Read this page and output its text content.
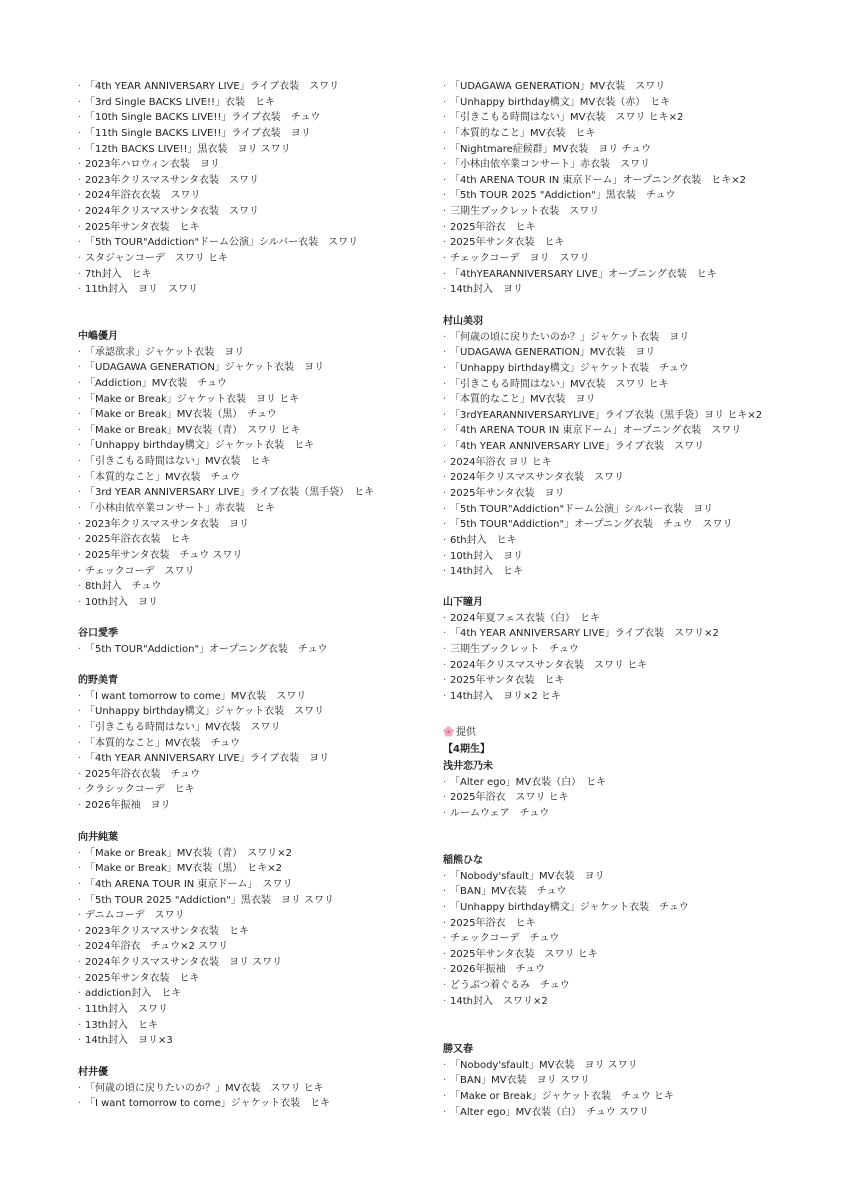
提供
【4期生】
· 「4th YEAR ANNIVERSARY LIVE」ライブ衣装　スワリ
· 「3rd Single BACKS LIVE!!」衣装　ヒキ
· 「10th Single BACKS LIVE!!」ライブ衣装　チュウ
· 「11th Single BACKS LIVE!!」ライブ衣装　ヨリ
· 「12th BACKS LIVE!!」黒衣装　ヨリ スワリ
· 2023年ハロウィン衣装　ヨリ
· 2023年クリスマスサンタ衣装　スワリ
· 2024年浴衣衣装　スワリ
· 2024年クリスマスサンタ衣装　スワリ
· 2025年サンタ衣装　ヒキ
· 「5th TOUR"Addiction"ドーム公演」シルバー衣装　スワリ
· スタジャンコーデ　スワリ ヒキ
· 7th封入　ヒキ
· 11th封入　ヨリ　スワリ
中嶋優月
· 「承認欲求」ジャケット衣装　ヨリ
· 「UDAGAWA GENERATION」ジャケット衣装　ヨリ
· 「Addiction」MV衣装　チュウ
· 「Make or Break」ジャケット衣装　ヨリ ヒキ
· 「Make or Break」MV衣装（黒）　チュウ
· 「Make or Break」MV衣装（青）　スワリ ヒキ
· 「Unhappy birthday構文」ジャケット衣装　ヒキ
· 「引きこもる時間はない」MV衣装　ヒキ
· 「本質的なこと」MV衣装　チュウ
· 「3rd YEAR ANNIVERSARY LIVE」ライブ衣装（黒手袋）　ヒキ
· 「小林由依卒業コンサート」赤衣装　ヒキ
· 2023年クリスマスサンタ衣装　ヨリ
· 2025年浴衣衣装　ヒキ
· 2025年サンタ衣装　チュウ スワリ
· チェックコーデ　スワリ
· 8th封入　チュウ
· 10th封入　ヨリ
谷口愛季
· 「5th TOUR"Addiction"」オープニング衣装　チュウ
的野美青
· 「I want tomorrow to come」MV衣装　スワリ
· 「Unhappy birthday構文」ジャケット衣装　スワリ
· 「引きこもる時間はない」MV衣装　スワリ
· 「本質的なこと」MV衣装　チュウ
· 「4th YEAR ANNIVERSARY LIVE」ライブ衣装　ヨリ
· 2025年浴衣衣装　チュウ
· クラシックコーデ　ヒキ
· 2026年振袖　ヨリ
向井純葉
· 「Make or Break」MV衣装（青）　スワリ×2
· 「Make or Break」MV衣装（黒）　ヒキ×2
· 「4th ARENA TOUR IN 東京ドーム」　スワリ
· 「5th TOUR 2025 "Addiction"」黒衣装　ヨリ スワリ
· デニムコーデ　スワリ
· 2023年クリスマスサンタ衣装　ヒキ
· 2024年浴衣　チュウ×2 スワリ
· 2024年クリスマスサンタ衣装　ヨリ スワリ
· 2025年サンタ衣装　ヒキ
· addiction封入　ヒキ
· 11th封入　スワリ
· 13th封入　ヒキ
· 14th封入　ヨリ×3
村井優
· 「何歳の頃に戻りたいのか？」MV衣装　スワリ ヒキ
· 「I want tomorrow to come」ジャケット衣装　ヒキ
· 「UDAGAWA GENERATION」MV衣装　スワリ
· 「Unhappy birthday構文」MV衣装（赤）　ヒキ
· 「引きこもる時間はない」MV衣装　スワリ ヒキ×2
· 「本質的なこと」MV衣装　ヒキ
· 「Nightmare症候群」MV衣装　ヨリ チュウ
· 「小林由依卒業コンサート」赤衣装　スワリ
· 「4th ARENA TOUR IN 東京ドーム」オープニング衣装　ヒキ×2
· 「5th TOUR 2025 "Addiction"」黒衣装　チュウ
· 三期生ブックレット衣装　スワリ
· 2025年浴衣　ヒキ
· 2025年サンタ衣装　ヒキ
· チェックコーデ　ヨリ　スワリ
· 「4thYEARANNIVERSARY LIVE」オープニング衣装　ヒキ
· 14th封入　ヨリ
村山美羽
· 「何歳の頃に戻りたいのか？」ジャケット衣装　ヨリ
· 「UDAGAWA GENERATION」MV衣装　ヨリ
· 「Unhappy birthday構文」ジャケット衣装　チュウ
· 「引きこもる時間はない」MV衣装　スワリ ヒキ
· 「本質的なこと」MV衣装　ヨリ
· 「3rdYEARANNIVERSARYLIVE」ライブ衣装（黒手袋）ヨリ ヒキ×2
· 「4th ARENA TOUR IN 東京ドーム」オープニング衣装　スワリ
· 「4th YEAR ANNIVERSARY LIVE」ライブ衣装　スワリ
· 2024年浴衣 ヨリ ヒキ
· 2024年クリスマスサンタ衣装　スワリ
· 2025年サンタ衣装　ヨリ
· 「5th TOUR"Addiction"ドーム公演」シルバー衣装　ヨリ
· 「5th TOUR"Addiction"」オープニング衣装　チュウ　スワリ
· 6th封入　ヒキ
· 10th封入　ヨリ
· 14th封入　ヒキ
山下瞳月
· 2024年夏フェス衣装（白）　ヒキ
· 「4th YEAR ANNIVERSARY LIVE」ライブ衣装　スワリ×2
· 三期生ブックレット　チュウ
· 2024年クリスマスサンタ衣装　スワリ ヒキ
· 2025年サンタ衣装　ヒキ
· 14th封入　ヨリ×2 ヒキ
浅井恋乃未
· 「Alter ego」MV衣装（白）　ヒキ
· 2025年浴衣　スワリ ヒキ
· ルームウェア　チュウ
稲熊ひな
· 「Nobody'sfault」MV衣装　ヨリ
· 「BAN」MV衣装　チュウ
· 「Unhappy birthday構文」ジャケット衣装　チュウ
· 2025年浴衣　ヒキ
· チェックコーデ　チュウ
· 2025年サンタ衣装　スワリ ヒキ
· 2026年振袖　チュウ
· どうぶつ着ぐるみ　チュウ
· 14th封入　スワリ×2
勝又春
· 「Nobody'sfault」MV衣装　ヨリ スワリ
· 「BAN」MV衣装　ヨリ スワリ
· 「Make or Break」ジャケット衣装　チュウ ヒキ
· 「Alter ego」MV衣装（白）　チュウ スワリ
